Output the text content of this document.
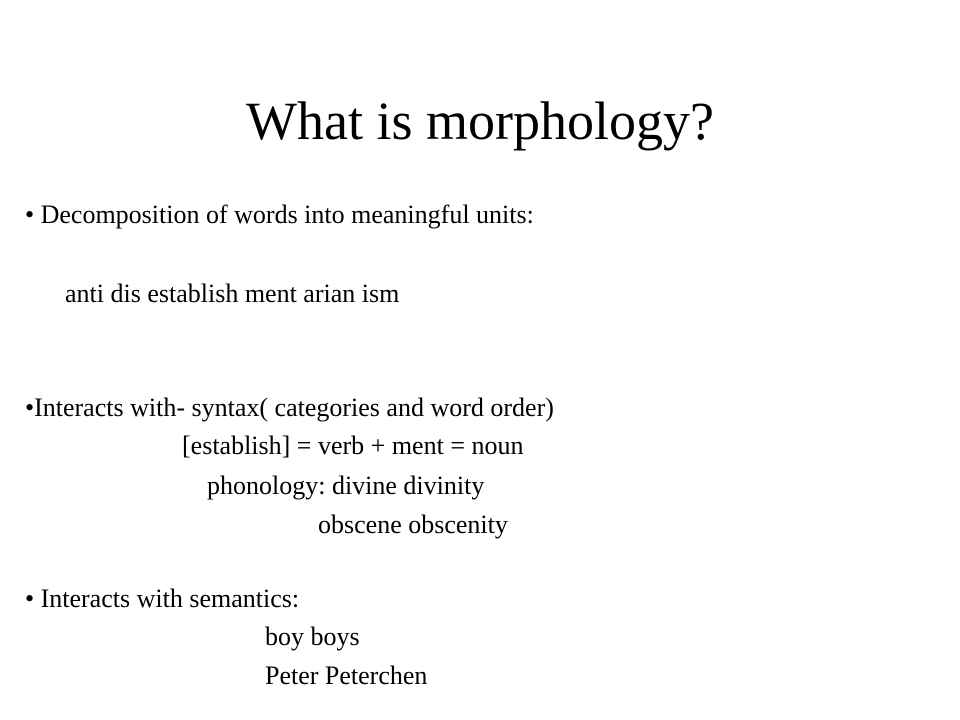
What is morphology?
• Decomposition of words into meaningful units:
anti dis establish ment arian ism
•Interacts with- syntax( categories and word order)
[establish] = verb + ment = noun
phonology: divine divinity
obscene obscenity
• Interacts with semantics:
boy boys
Peter Peterchen
